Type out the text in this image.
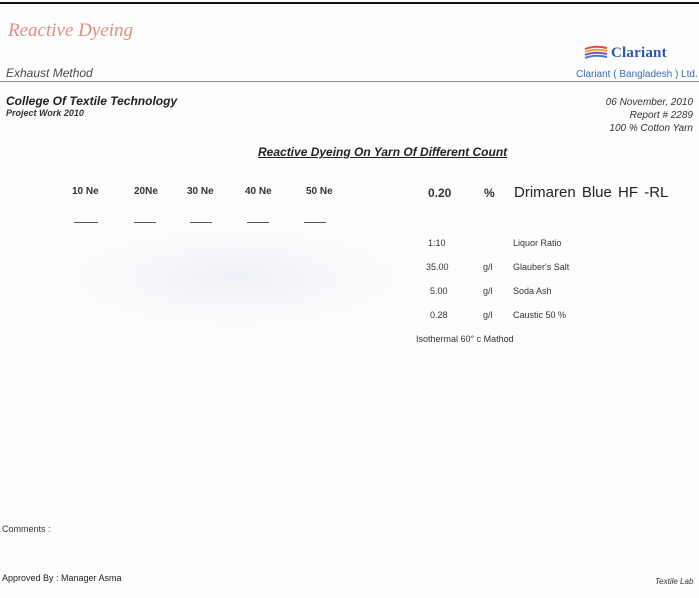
Reactive Dyeing
Clariant
Exhaust Method	Clariant ( Bangladesh ) Ltd.
College Of Textile Technology
Project Work 2010
06 November, 2010
Report # 2289
100 % Cotton Yarn
Reactive Dyeing On Yarn Of Different Count
10 Ne	20Ne	30 Ne	40 Ne	50 Ne	0.20	% Drimaren Blue HF -RL
1:10	Liquor Ratio
35.00	g/l Glauber's Salt
5.00	g/l Soda Ash
0.28	g/l Caustic 50 %
Isothermal 60° c Mathod
Comments :
Approved By : Manager Asma	Textile Lab
